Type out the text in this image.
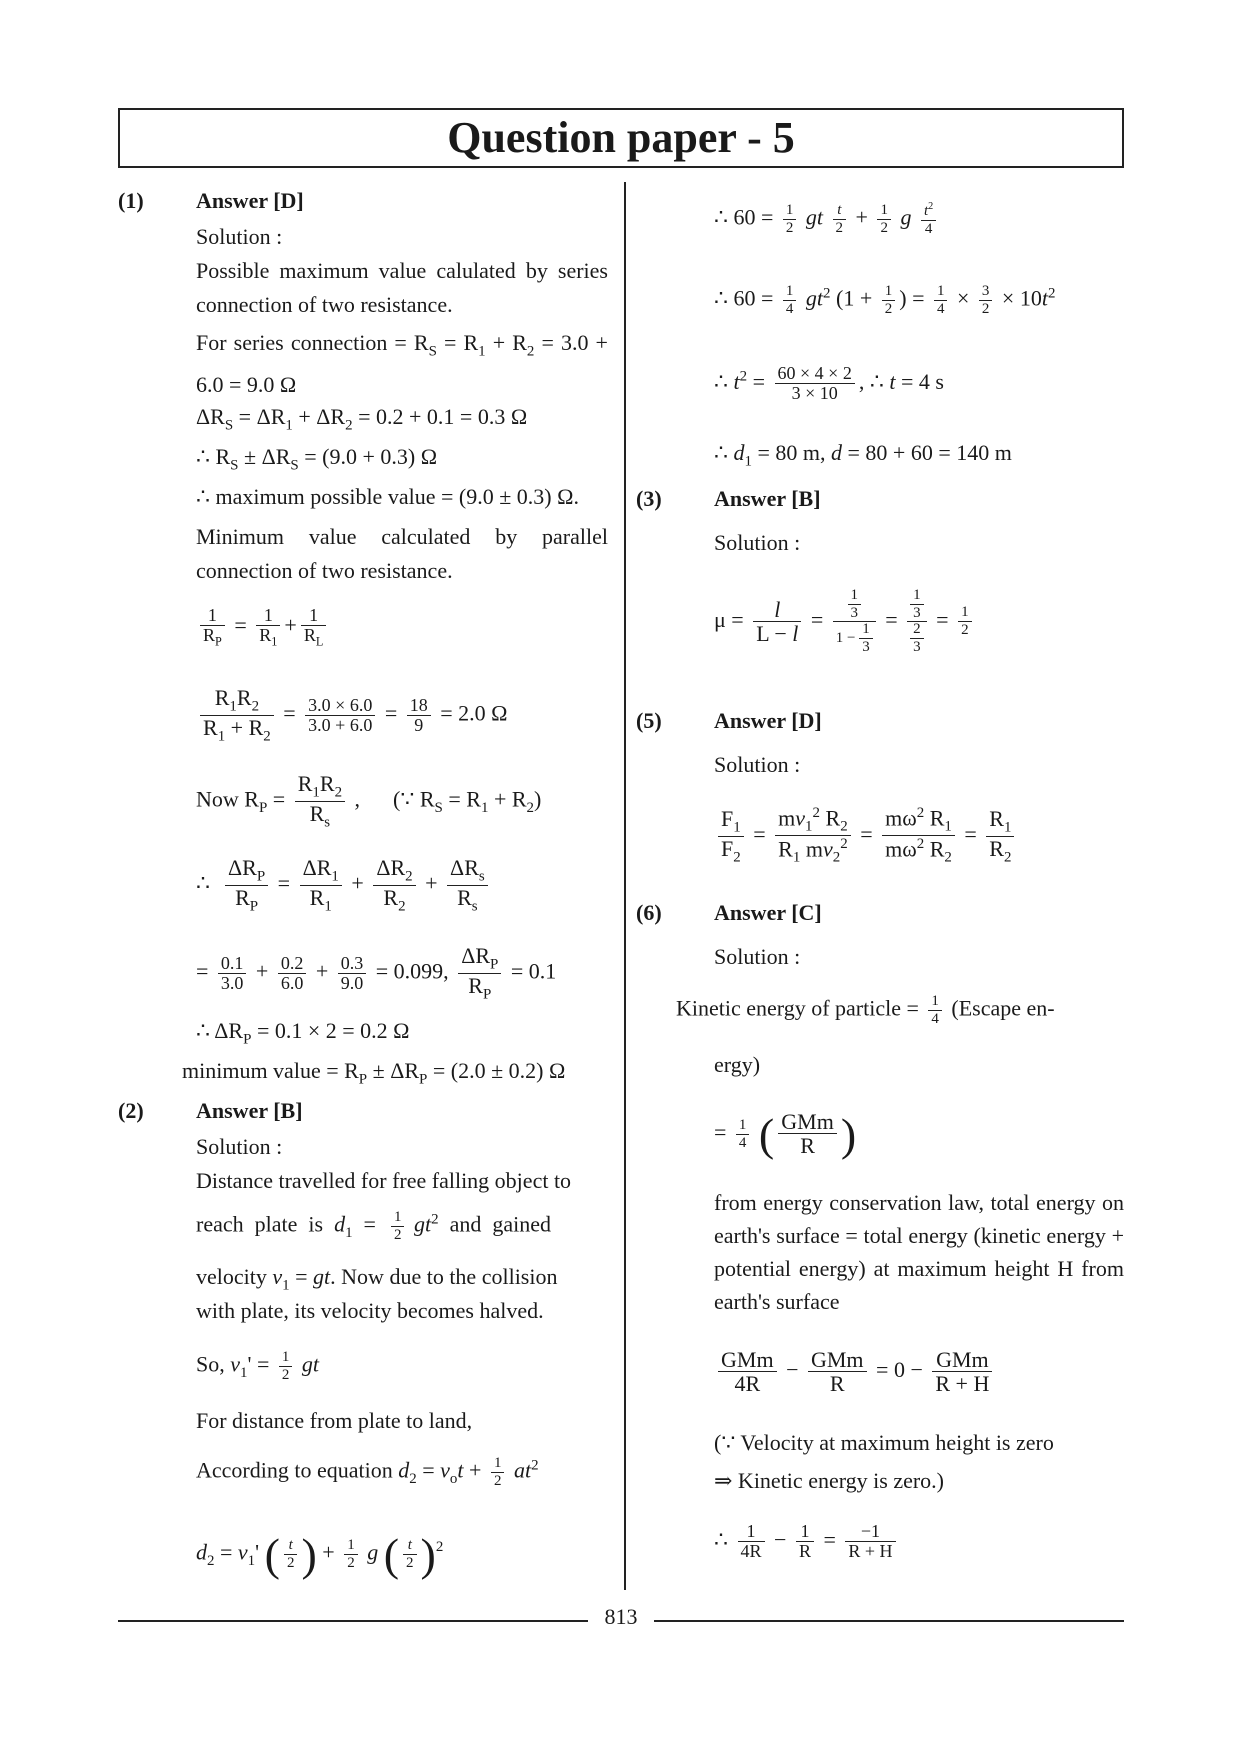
Question paper - 5
(1) Answer [D]
Solution :
Possible maximum value calulated by series connection of two resistance.
For series connection = $R_S = R_1 + R_2 = 3.0 + 6.0 = 9.0$ Ω
$\Delta R_S = \Delta R_1 + \Delta R_2 = 0.2 + 0.1 = 0.3$ Ω
∴ $R_S \pm \Delta R_S = (9.0 + 0.3)$ Ω
∴ maximum possible value = (9.0 ± 0.3) Ω.
Minimum value calculated by parallel connection of two resistance.
$\frac{1}{R_P} = \frac{1}{R_1} + \frac{1}{R_L}$
$\frac{R_1R_2}{R_1 + R_2} = \frac{3.0 \times 6.0}{3.0 + 6.0} = \frac{18}{9} = 2.0$ Ω
Now $R_P = \frac{R_1R_2}{R_s}$ ,      (∵ $R_S = R_1 + R_2$)
∴
$\Delta R_P$
$R_P$
= $\frac{\Delta R_1}{R_1} + \frac{\Delta R_2}{R_2}$ +
$\Delta R_s$
$R_s$
= $\frac{0.1}{3.0} + \frac{0.2}{6.0} + \frac{0.3}{9.0} = 0.099$,
$\Delta R_P$
$R_P$
= 0.1
∴ $\Delta R_P = 0.1 \times 2 = 0.2$ Ω
minimum value = $R_P \pm \Delta R_P = (2.0 \pm 0.2)$ Ω
(2) Answer [B]
Solution :
Distance travelled for free falling object to
reach  plate  is  $d_1 = \frac{1}{2} gt^2$  and  gained
velocity $v_1$ = gt. Now due to the collision
with plate, its velocity becomes halved.
So, $v_1' = \frac{1}{2}$ gt
For distance from plate to land,
According to equation $d_2 = v_ot + \frac{1}{2} at^2$
$d_2 = v_1'$ ( $\frac{t}{2}$ ) + $\frac{1}{2}$ g ( $\frac{t}{2} )^2$
∴ $60 = \frac{1}{2}$ gt $\frac{t}{2} + \frac{1}{2}$ g $\frac{t^2}{4}$
∴ $60 = \frac{1}{4} gt^2$ ($1 + \frac{1}{2}$ ) = $\frac{1}{4} \times \frac{3}{2} \times 10t^2$
∴ $t^2 = \frac{60 \times 4 \times 2}{3 \times 10}$ , ∴ t = 4 s
∴ $d_1 = 80$ m, d = 80 + 60 = 140 m
(3) Answer [B]
Solution :
$\mu = \frac{l}{L - l} = \frac{\frac{1}{3}}{1 - \frac{1}{3}} = \frac{\frac{1}{3}}{\frac{2}{3}} = \frac{1}{2}$
(5) Answer [D]
Solution :
$\frac{F_1}{F_2} = \frac{mv_1^2 R_2}{R_1 mv_2^2} = \frac{m\omega^2 R_1}{m\omega^2 R_2} = \frac{R_1}{R_2}$
(6) Answer [C]
Solution :
Kinetic energy of particle = $\frac{1}{4}$ (Escape en-
ergy)
= $\frac{1}{4}$ ( GMm
R )
from energy conservation law, total energy on earth's surface = total energy (kinetic energy + potential energy) at maximum height H from earth's surface
GMm
4R
− GMm
R
= 0 − GMm
R + H
(∵ Velocity at maximum height is zero
⇒ Kinetic energy is zero.)
∴ $\frac{1}{4R} - \frac{1}{R} = \frac{-1}{R + H}$
813
